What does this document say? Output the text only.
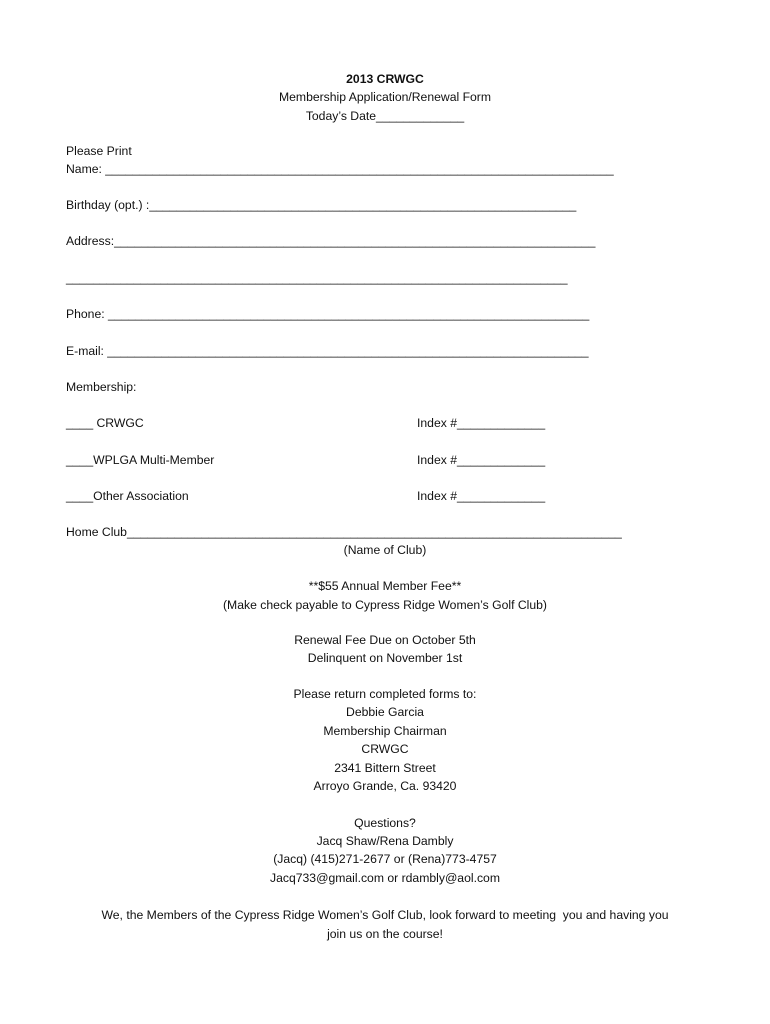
2013 CRWGC
Membership Application/Renewal Form
Today’s Date_____________
Please Print
Name: ___________________________________________________________________________
Birthday (opt.) :_______________________________________________________________
Address:_______________________________________________________________________
__________________________________________________________________________
Phone: _______________________________________________________________________
E-mail: _______________________________________________________________________
Membership:
____ CRWGC	Index #_____________
____WPLGA Multi-Member	Index #_____________
____Other Association	Index #_____________
Home Club_________________________________________________________________________
(Name of Club)
**$55 Annual Member Fee**
(Make check payable to Cypress Ridge Women’s Golf Club)
Renewal Fee Due on October 5th
Delinquent on November 1st
Please return completed forms to:
Debbie Garcia
Membership Chairman
CRWGC
2341 Bittern Street
Arroyo Grande, Ca. 93420
Questions?
Jacq Shaw/Rena Dambly
(Jacq) (415)271-2677 or (Rena)773-4757
Jacq733@gmail.com or rdambly@aol.com
We, the Members of the Cypress Ridge Women’s Golf Club, look forward to meeting  you and having you
join us on the course!
